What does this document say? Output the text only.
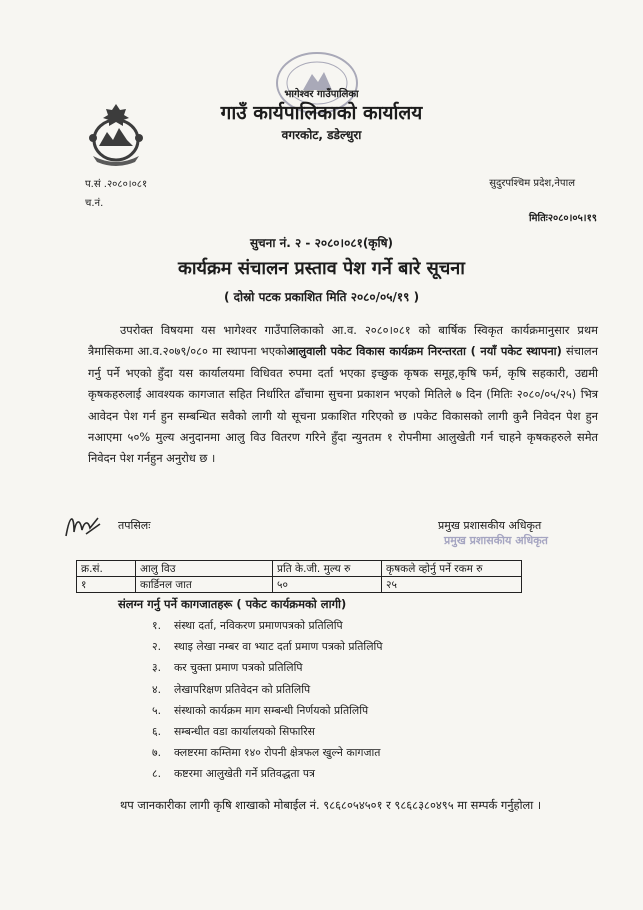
भागेश्वर गाउँपालिका
गाउँ कार्यपालिकाको कार्यालय
वगरकोट, डडेल्धुरा
प.सं .२०८०।०८१
च.नं.
सुदुरपश्चिम प्रदेश,नेपाल
मितिः२०८०।०५।१९
सुचना नं. २ - २०८०।०८१(कृषि)
कार्यक्रम संचालन प्रस्ताव पेश गर्ने बारे सूचना
( दोस्रो पटक प्रकाशित मिति २०८०/०५/१९ )
उपरोक्त विषयमा यस भागेश्वर गाउँपालिकाको आ.व. २०८०।०८१ को बार्षिक स्विकृत कार्यक्रमानुसार प्रथम त्रैमासिकमा आ.व.२०७९/०८० मा स्थापना भएकोआलुवाली पकेट विकास कार्यक्रम निरन्तरता ( नयाँ पकेट स्थापना) संचालन गर्नु पर्ने भएको हुँदा यस कार्यालयमा विधिवत रुपमा दर्ता भएका इच्छुक कृषक समूह,कृषि फर्म, कृषि सहकारी, उद्यमी कृषकहरुलाई आवश्यक कागजात सहित निर्धारित ढाँचामा सुचना प्रकाशन भएको मितिले ७ दिन (मितिः २०८०/०५/२५) भित्र आवेदन पेश गर्न हुन सम्बन्धित सवैको लागी यो सूचना प्रकाशित गरिएको छ ।पकेट विकासको लागी कुनै निवेदन पेश हुन नआएमा ५०% मुल्य अनुदानमा आलु विउ वितरण गरिने हुँदा न्युनतम १ रोपनीमा आलुखेती गर्न चाहने कृषकहरुले समेत निवेदन पेश गर्नहुन अनुरोध छ ।
तपसिलः	प्रमुख प्रशासकीय अधिकृत
प्रमुख प्रशासकीय अधिकृत
क्र.सं.	आलु विउ	प्रति के.जी. मुल्य रु	कृषकले व्होर्नु पर्ने रकम रु
१	कार्डिनल जात	५०	२५
संलग्न गर्नु पर्ने कागजातहरू ( पकेट कार्यक्रमको लागी)
१. संस्था दर्ता, नविकरण प्रमाणपत्रको प्रतिलिपि
२. स्थाइ लेखा नम्बर वा भ्याट दर्ता प्रमाण पत्रको प्रतिलिपि
३. कर चुक्ता प्रमाण पत्रको प्रतिलिपि
४. लेखापरिक्षण प्रतिवेदन को प्रतिलिपि
५. संस्थाको कार्यक्रम माग सम्बन्धी निर्णयको प्रतिलिपि
६. सम्बन्धीत वडा कार्यालयको सिफारिस
७. क्लष्टरमा कम्तिमा १४० रोपनी क्षेत्रफल खुल्ने कागजात
८. कष्टरमा आलुखेती गर्ने प्रतिवद्धता पत्र
थप जानकारीका लागी कृषि शाखाको मोबाईल नं. ९८६८०५४५०१ र ९८६८३८०४९५ मा सम्पर्क गर्नुहोला ।
